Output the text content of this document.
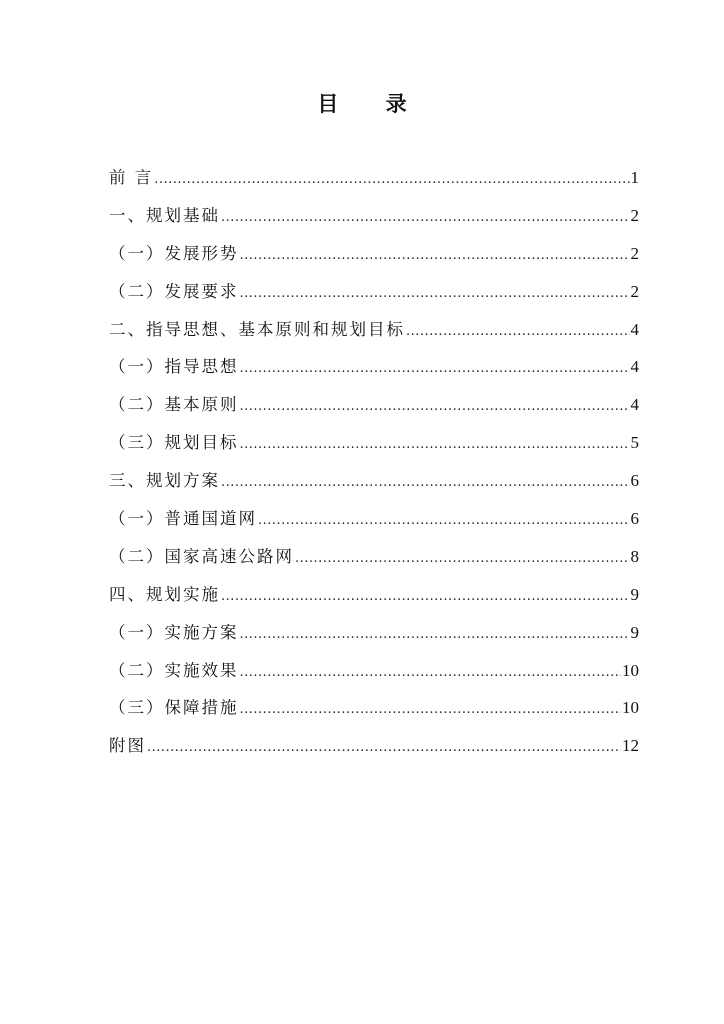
目 录
前 言 .....	1
一、规划基础 .....	2
（一）发展形势 .....	2
（二）发展要求 .....	2
二、指导思想、基本原则和规划目标 .....	4
（一）指导思想 .....	4
（二）基本原则 .....	4
（三）规划目标 .....	5
三、规划方案 .....	6
（一）普通国道网 .....	6
（二）国家高速公路网 .....	8
四、规划实施 .....	9
（一）实施方案 .....	9
（二）实施效果 .....	10
（三）保障措施 .....	10
附图 .....	12
